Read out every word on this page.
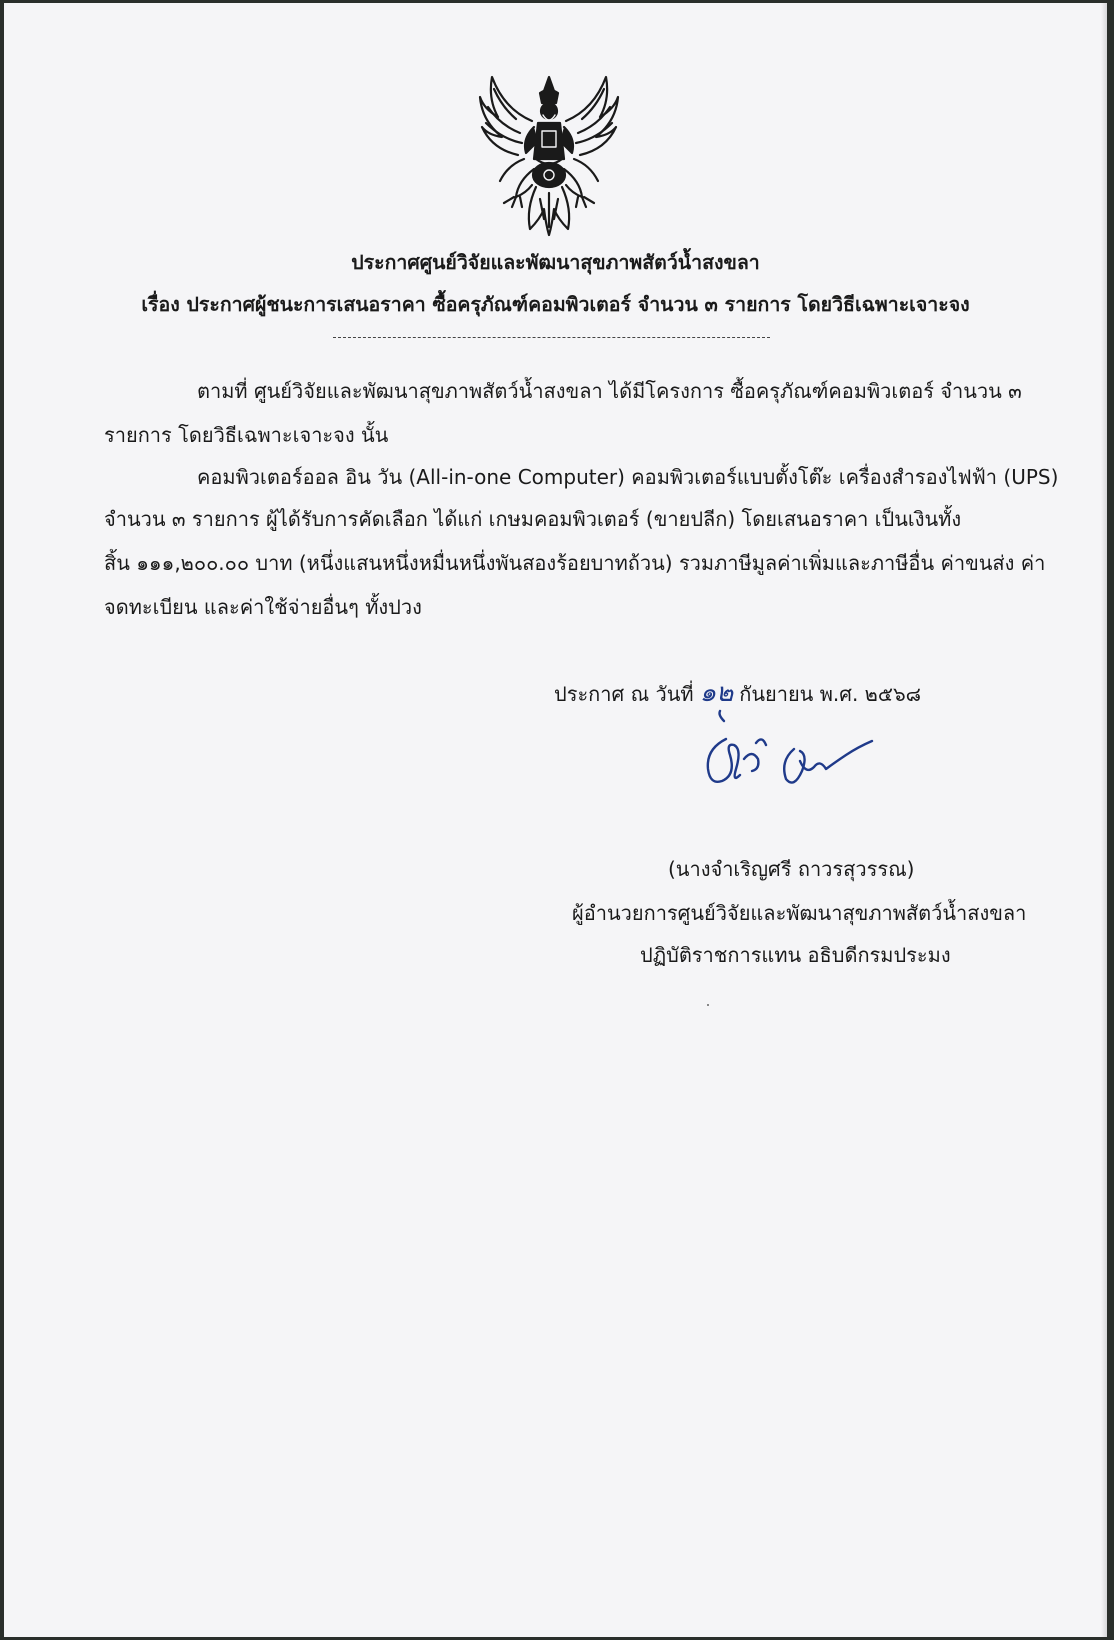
ประกาศศูนย์วิจัยและพัฒนาสุขภาพสัตว์น้ำสงขลา
เรื่อง ประกาศผู้ชนะการเสนอราคา ซื้อครุภัณฑ์คอมพิวเตอร์ จำนวน ๓ รายการ โดยวิธีเฉพาะเจาะจง
ตามที่ ศูนย์วิจัยและพัฒนาสุขภาพสัตว์น้ำสงขลา ได้มีโครงการ ซื้อครุภัณฑ์คอมพิวเตอร์ จำนวน ๓
รายการ โดยวิธีเฉพาะเจาะจง นั้น
คอมพิวเตอร์ออล อิน วัน (All-in-one Computer) คอมพิวเตอร์แบบตั้งโต๊ะ เครื่องสำรองไฟฟ้า (UPS)
จำนวน ๓ รายการ ผู้ได้รับการคัดเลือก ได้แก่ เกษมคอมพิวเตอร์ (ขายปลีก) โดยเสนอราคา เป็นเงินทั้ง
สิ้น ๑๑๑,๒๐๐.๐๐ บาท (หนึ่งแสนหนึ่งหมื่นหนึ่งพันสองร้อยบาทถ้วน) รวมภาษีมูลค่าเพิ่มและภาษีอื่น ค่าขนส่ง ค่า
จดทะเบียน และค่าใช้จ่ายอื่นๆ ทั้งปวง
ประกาศ ณ วันที่ ๑๒ กันยายน พ.ศ. ๒๕๖๘
(นางจำเริญศรี ถาวรสุวรรณ)
ผู้อำนวยการศูนย์วิจัยและพัฒนาสุขภาพสัตว์น้ำสงขลา
ปฏิบัติราชการแทน อธิบดีกรมประมง
